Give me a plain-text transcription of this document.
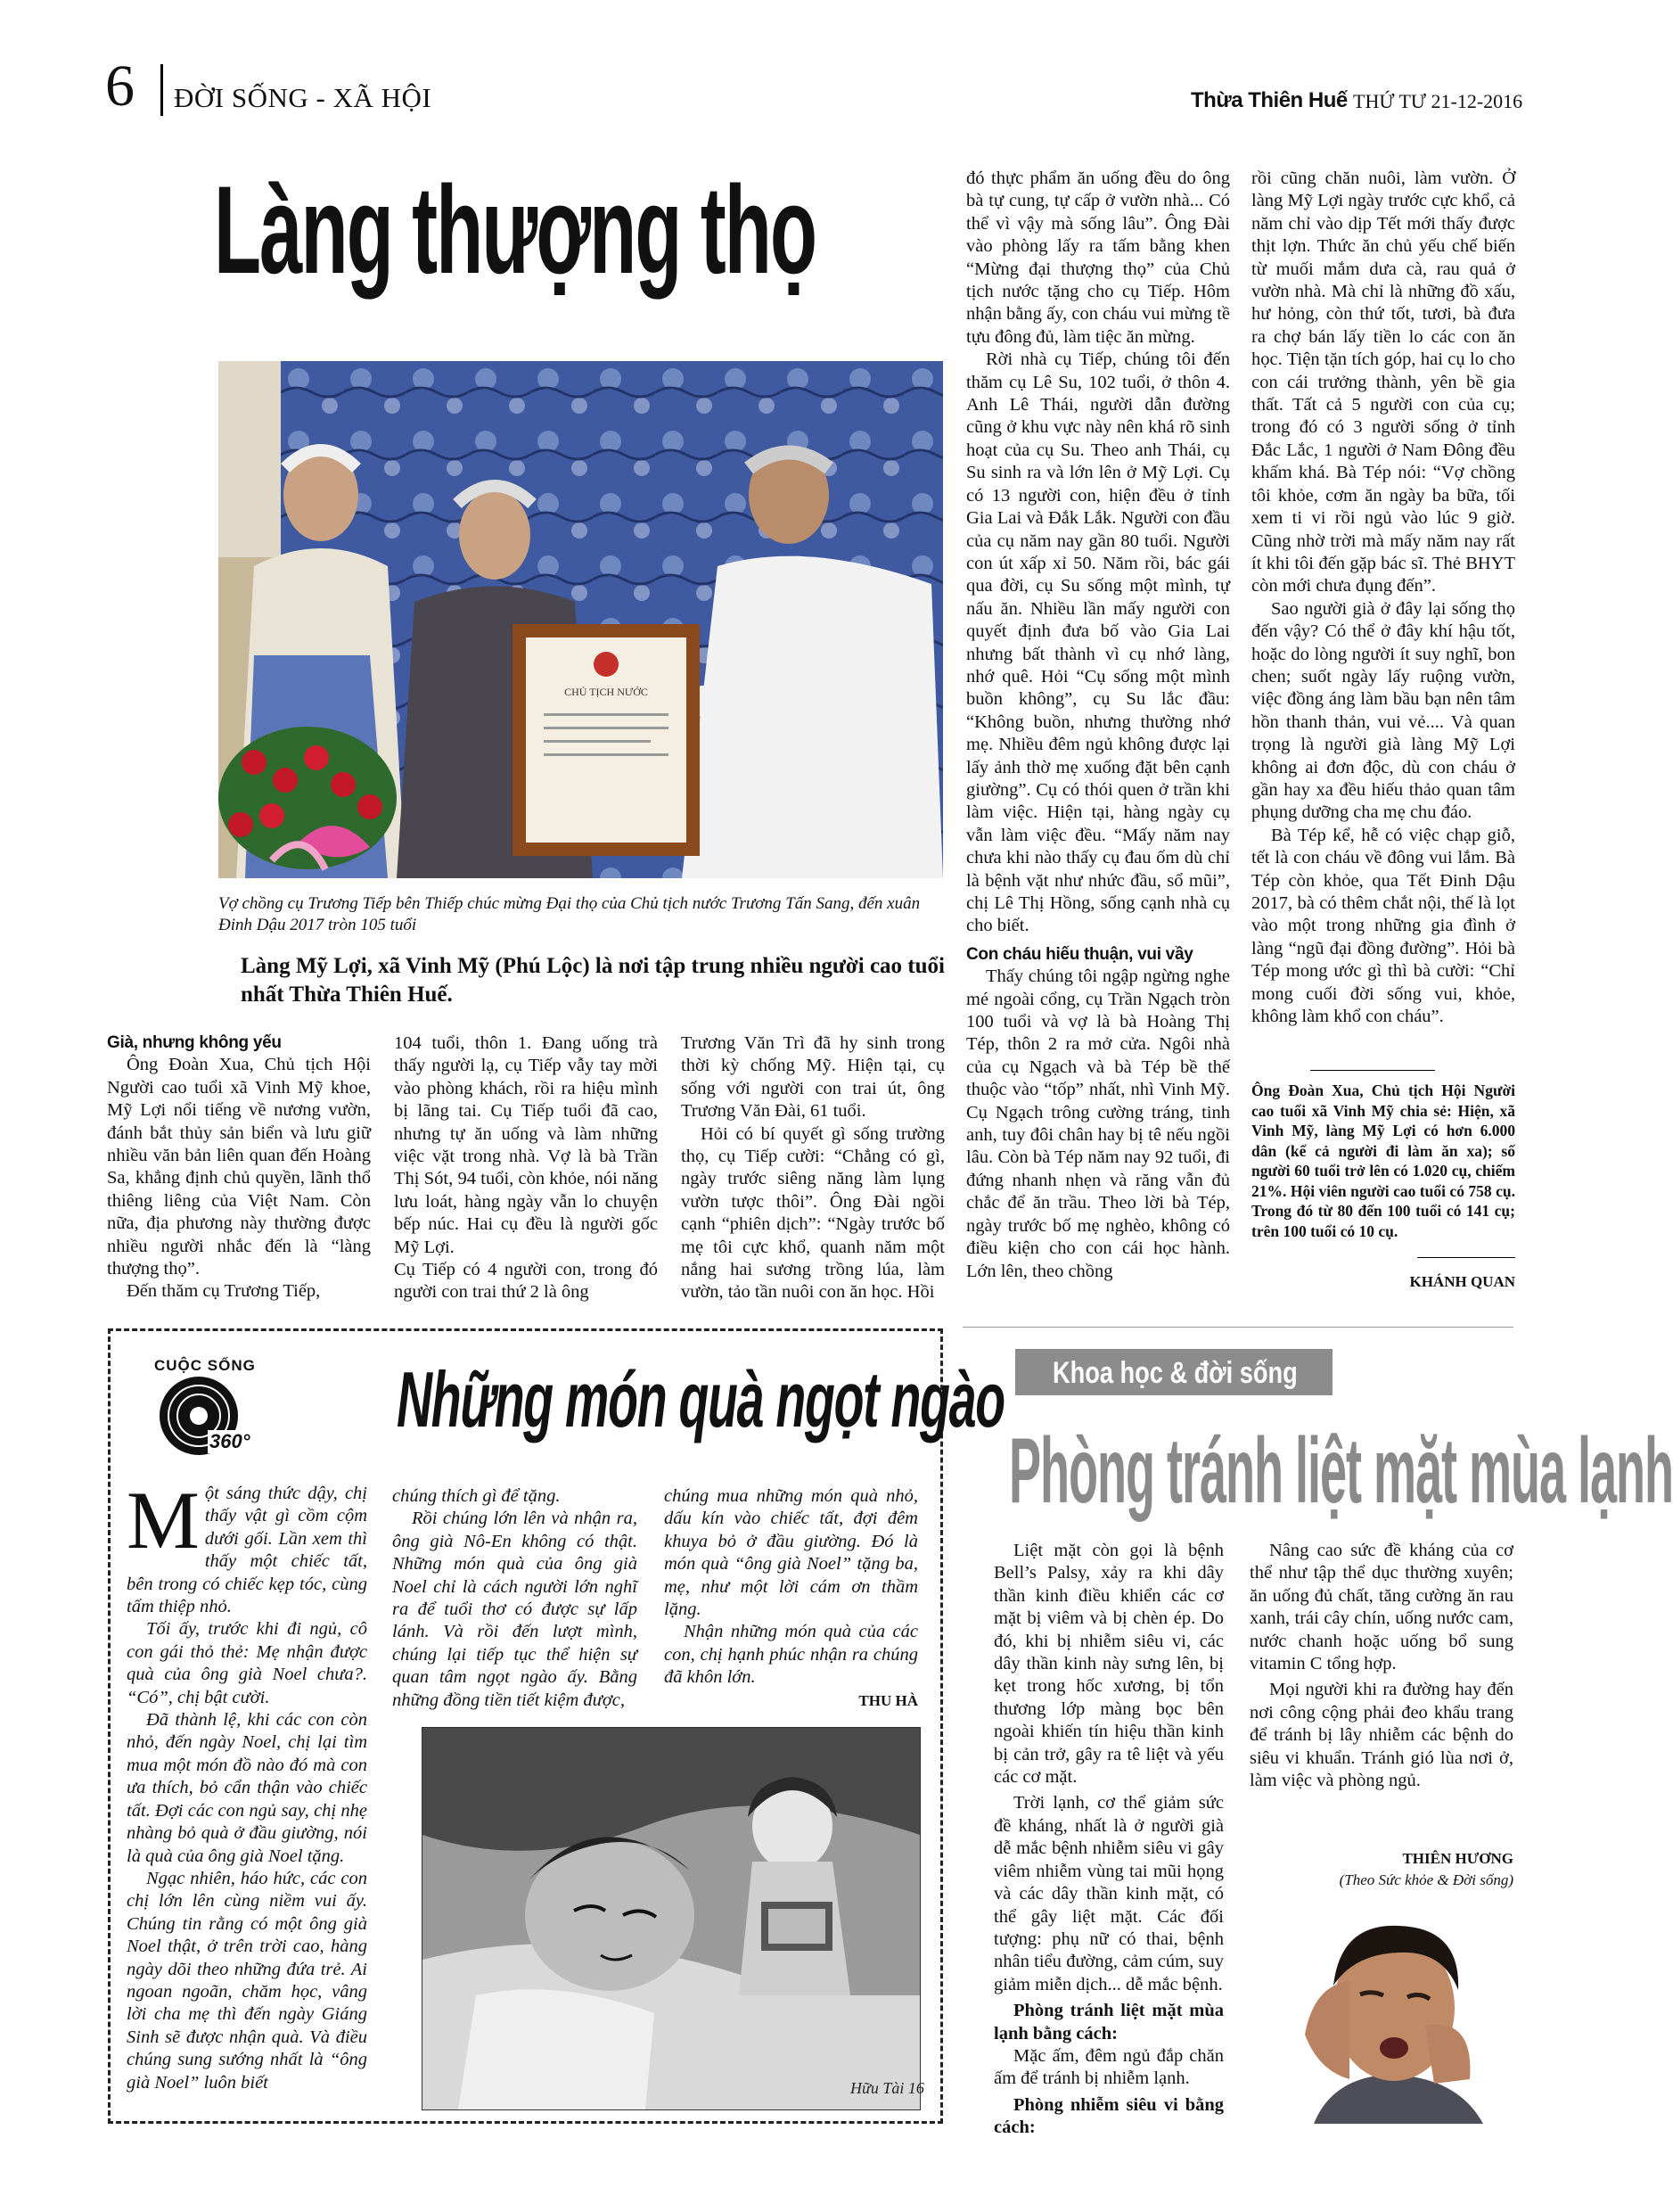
6 ĐỜI SỐNG - XÃ HỘI	Thừa Thiên Huế THỨ TƯ 21-12-2016
Làng thượng thọ
CHỦ TỊCH NƯỚC
Vợ chồng cụ Trương Tiếp bên Thiếp chúc mừng Đại thọ của Chủ tịch nước Trương Tấn Sang, đến xuân Đinh Dậu 2017 tròn 105 tuổi
Làng Mỹ Lợi, xã Vinh Mỹ (Phú Lộc) là nơi tập trung nhiều người cao tuổi nhất Thừa Thiên Huế.

Già, nhưng không yếu

Ông Đoàn Xua, Chủ tịch Hội Người cao tuổi xã Vinh Mỹ khoe, Mỹ Lợi nổi tiếng về nương vườn, đánh bắt thủy sản biển và lưu giữ nhiều văn bản liên quan đến Hoàng Sa, khẳng định chủ quyền, lãnh thổ thiêng liêng của Việt Nam. Còn nữa, địa phương này thường được nhiều người nhắc đến là “làng thượng thọ”.

Đến thăm cụ Trương Tiếp,

104 tuổi, thôn 1. Đang uống trà thấy người lạ, cụ Tiếp vẫy tay mời vào phòng khách, rồi ra hiệu mình bị lãng tai. Cụ Tiếp tuổi đã cao, nhưng tự ăn uống và làm những việc vặt trong nhà. Vợ là bà Trần Thị Sót, 94 tuổi, còn khỏe, nói năng lưu loát, hàng ngày vẫn lo chuyện bếp núc. Hai cụ đều là người gốc Mỹ Lợi.

Cụ Tiếp có 4 người con, trong đó người con trai thứ 2 là ông

Trương Văn Trì đã hy sinh trong thời kỳ chống Mỹ. Hiện tại, cụ sống với người con trai út, ông Trương Văn Đài, 61 tuổi.

Hỏi có bí quyết gì sống trường thọ, cụ Tiếp cười: “Chẳng có gì, ngày trước siêng năng làm lụng vườn tược thôi”. Ông Đài ngồi cạnh “phiên dịch”: “Ngày trước bố mẹ tôi cực khổ, quanh năm một nắng hai sương trồng lúa, làm vườn, tảo tần nuôi con ăn học. Hồi

đó thực phẩm ăn uống đều do ông bà tự cung, tự cấp ở vườn nhà... Có thể vì vậy mà sống lâu”. Ông Đài vào phòng lấy ra tấm bằng khen “Mừng đại thượng thọ” của Chủ tịch nước tặng cho cụ Tiếp. Hôm nhận bằng ấy, con cháu vui mừng tề tựu đông đủ, làm tiệc ăn mừng.

Rời nhà cụ Tiếp, chúng tôi đến thăm cụ Lê Su, 102 tuổi, ở thôn 4. Anh Lê Thái, người dẫn đường cũng ở khu vực này nên khá rõ sinh hoạt của cụ Su. Theo anh Thái, cụ Su sinh ra và lớn lên ở Mỹ Lợi. Cụ có 13 người con, hiện đều ở tỉnh Gia Lai và Đắk Lắk. Người con đầu của cụ năm nay gần 80 tuổi. Người con út xấp xỉ 50. Năm rồi, bác gái qua đời, cụ Su sống một mình, tự nấu ăn. Nhiều lần mấy người con quyết định đưa bố vào Gia Lai nhưng bất thành vì cụ nhớ làng, nhớ quê. Hỏi “Cụ sống một mình buồn không”, cụ Su lắc đầu: “Không buồn, nhưng thường nhớ mẹ. Nhiều đêm ngủ không được lại lấy ảnh thờ mẹ xuống đặt bên cạnh giường”. Cụ có thói quen ở trần khi làm việc. Hiện tại, hàng ngày cụ vẫn làm việc đều. “Mấy năm nay chưa khi nào thấy cụ đau ốm dù chỉ là bệnh vặt như nhức đầu, sổ mũi”, chị Lê Thị Hồng, sống cạnh nhà cụ cho biết.

Con cháu hiếu thuận, vui vầy

Thấy chúng tôi ngập ngừng nghe mé ngoài cổng, cụ Trần Ngạch tròn 100 tuổi và vợ là bà Hoàng Thị Tép, thôn 2 ra mở cửa. Ngôi nhà của cụ Ngạch và bà Tép bề thế thuộc vào “tốp” nhất, nhì Vinh Mỹ. Cụ Ngạch trông cường tráng, tinh anh, tuy đôi chân hay bị tê nếu ngồi lâu. Còn bà Tép năm nay 92 tuổi, đi đứng nhanh nhẹn và răng vẫn đủ chắc để ăn trầu. Theo lời bà Tép, ngày trước bố mẹ nghèo, không có điều kiện cho con cái học hành. Lớn lên, theo chồng

rồi cũng chăn nuôi, làm vườn. Ở làng Mỹ Lợi ngày trước cực khổ, cả năm chỉ vào dịp Tết mới thấy được thịt lợn. Thức ăn chủ yếu chế biến từ muối mắm dưa cà, rau quả ở vườn nhà. Mà chỉ là những đồ xấu, hư hỏng, còn thứ tốt, tươi, bà đưa ra chợ bán lấy tiền lo các con ăn học. Tiện tặn tích góp, hai cụ lo cho con cái trưởng thành, yên bề gia thất. Tất cả 5 người con của cụ; trong đó có 3 người sống ở tỉnh Đắc Lắc, 1 người ở Nam Đông đều khấm khá. Bà Tép nói: “Vợ chồng tôi khỏe, cơm ăn ngày ba bữa, tối xem ti vi rồi ngủ vào lúc 9 giờ. Cũng nhờ trời mà mấy năm nay rất ít khi tôi đến gặp bác sĩ. Thẻ BHYT còn mới chưa đụng đến”.

Sao người già ở đây lại sống thọ đến vậy? Có thể ở đây khí hậu tốt, hoặc do lòng người ít suy nghĩ, bon chen; suốt ngày lấy ruộng vườn, việc đồng áng làm bầu bạn nên tâm hồn thanh thản, vui vẻ.... Và quan trọng là người già làng Mỹ Lợi không ai đơn độc, dù con cháu ở gần hay xa đều hiếu thảo quan tâm phụng dưỡng cha mẹ chu đáo.

Bà Tép kể, hễ có việc chạp giỗ, tết là con cháu về đông vui lắm. Bà Tép còn khỏe, qua Tết Đinh Dậu 2017, bà có thêm chắt nội, thế là lọt vào một trong những gia đình ở làng “ngũ đại đồng đường”. Hỏi bà Tép mong ước gì thì bà cười: “Chỉ mong cuối đời sống vui, khỏe, không làm khổ con cháu”.

Ông Đoàn Xua, Chủ tịch Hội Người cao tuổi xã Vinh Mỹ chia sẻ: Hiện, xã Vinh Mỹ, làng Mỹ Lợi có hơn 6.000 dân (kể cả người đi làm ăn xa); số người 60 tuổi trở lên có 1.020 cụ, chiếm 21%. Hội viên người cao tuổi có 758 cụ. Trong đó từ 80 đến 100 tuổi có 141 cụ; trên 100 tuổi có 10 cụ.
KHÁNH QUAN
CUỘC SỐNG
360° Những món quà ngọt ngào

Một sáng thức dậy, chị thấy vật gì cồm cộm dưới gối. Lần xem thì thấy một chiếc tất, bên trong có chiếc kẹp tóc, cùng tấm thiệp nhỏ.

Tối ấy, trước khi đi ngủ, cô con gái thỏ thẻ: Mẹ nhận được quà của ông già Noel chưa?. “Có”, chị bật cười.

Đã thành lệ, khi các con còn nhỏ, đến ngày Noel, chị lại tìm mua một món đồ nào đó mà con ưa thích, bỏ cẩn thận vào chiếc tất. Đợi các con ngủ say, chị nhẹ nhàng bỏ quà ở đầu giường, nói là quà của ông già Noel tặng.

Ngạc nhiên, háo hức, các con chị lớn lên cùng niềm vui ấy. Chúng tin rằng có một ông già Noel thật, ở trên trời cao, hàng ngày dõi theo những đứa trẻ. Ai ngoan ngoãn, chăm học, vâng lời cha mẹ thì đến ngày Giáng Sinh sẽ được nhận quà. Và điều chúng sung sướng nhất là “ông già Noel” luôn biết

chúng thích gì để tặng.

Rồi chúng lớn lên và nhận ra, ông già Nô-En không có thật. Những món quà của ông già Noel chỉ là cách người lớn nghĩ ra để tuổi thơ có được sự lấp lánh. Và rồi đến lượt mình, chúng lại tiếp tục thể hiện sự quan tâm ngọt ngào ấy. Bằng những đồng tiền tiết kiệm được,

chúng mua những món quà nhỏ, dấu kín vào chiếc tất, đợi đêm khuya bỏ ở đầu giường. Đó là món quà “ông già Noel” tặng ba, mẹ, như một lời cám ơn thầm lặng.

Nhận những món quà của các con, chị hạnh phúc nhận ra chúng đã khôn lớn.

THU HÀ
Hữu Tài 16
Khoa học & đời sống
Phòng tránh liệt mặt mùa lạnh

Liệt mặt còn gọi là bệnh Bell’s Palsy, xảy ra khi dây thần kinh điều khiển các cơ mặt bị viêm và bị chèn ép. Do đó, khi bị nhiễm siêu vi, các dây thần kinh này sưng lên, bị kẹt trong hốc xương, bị tổn thương lớp màng bọc bên ngoài khiến tín hiệu thần kinh bị cản trở, gây ra tê liệt và yếu các cơ mặt.

Trời lạnh, cơ thể giảm sức đề kháng, nhất là ở người già dễ mắc bệnh nhiễm siêu vi gây viêm nhiễm vùng tai mũi họng và các dây thần kinh mặt, có thể gây liệt mặt. Các đối tượng: phụ nữ có thai, bệnh nhân tiểu đường, cảm cúm, suy giảm miễn dịch... dễ mắc bệnh.

Phòng tránh liệt mặt mùa lạnh bằng cách:

Mặc ấm, đêm ngủ đắp chăn ấm để tránh bị nhiễm lạnh.

Phòng nhiễm siêu vi bằng cách:

Nâng cao sức đề kháng của cơ thể như tập thể dục thường xuyên; ăn uống đủ chất, tăng cường ăn rau xanh, trái cây chín, uống nước cam, nước chanh hoặc uống bổ sung vitamin C tổng hợp.

Mọi người khi ra đường hay đến nơi công cộng phải đeo khẩu trang để tránh bị lây nhiễm các bệnh do siêu vi khuẩn. Tránh gió lùa nơi ở, làm việc và phòng ngủ.

THIÊN HƯƠNG
(Theo Sức khỏe & Đời sống)
